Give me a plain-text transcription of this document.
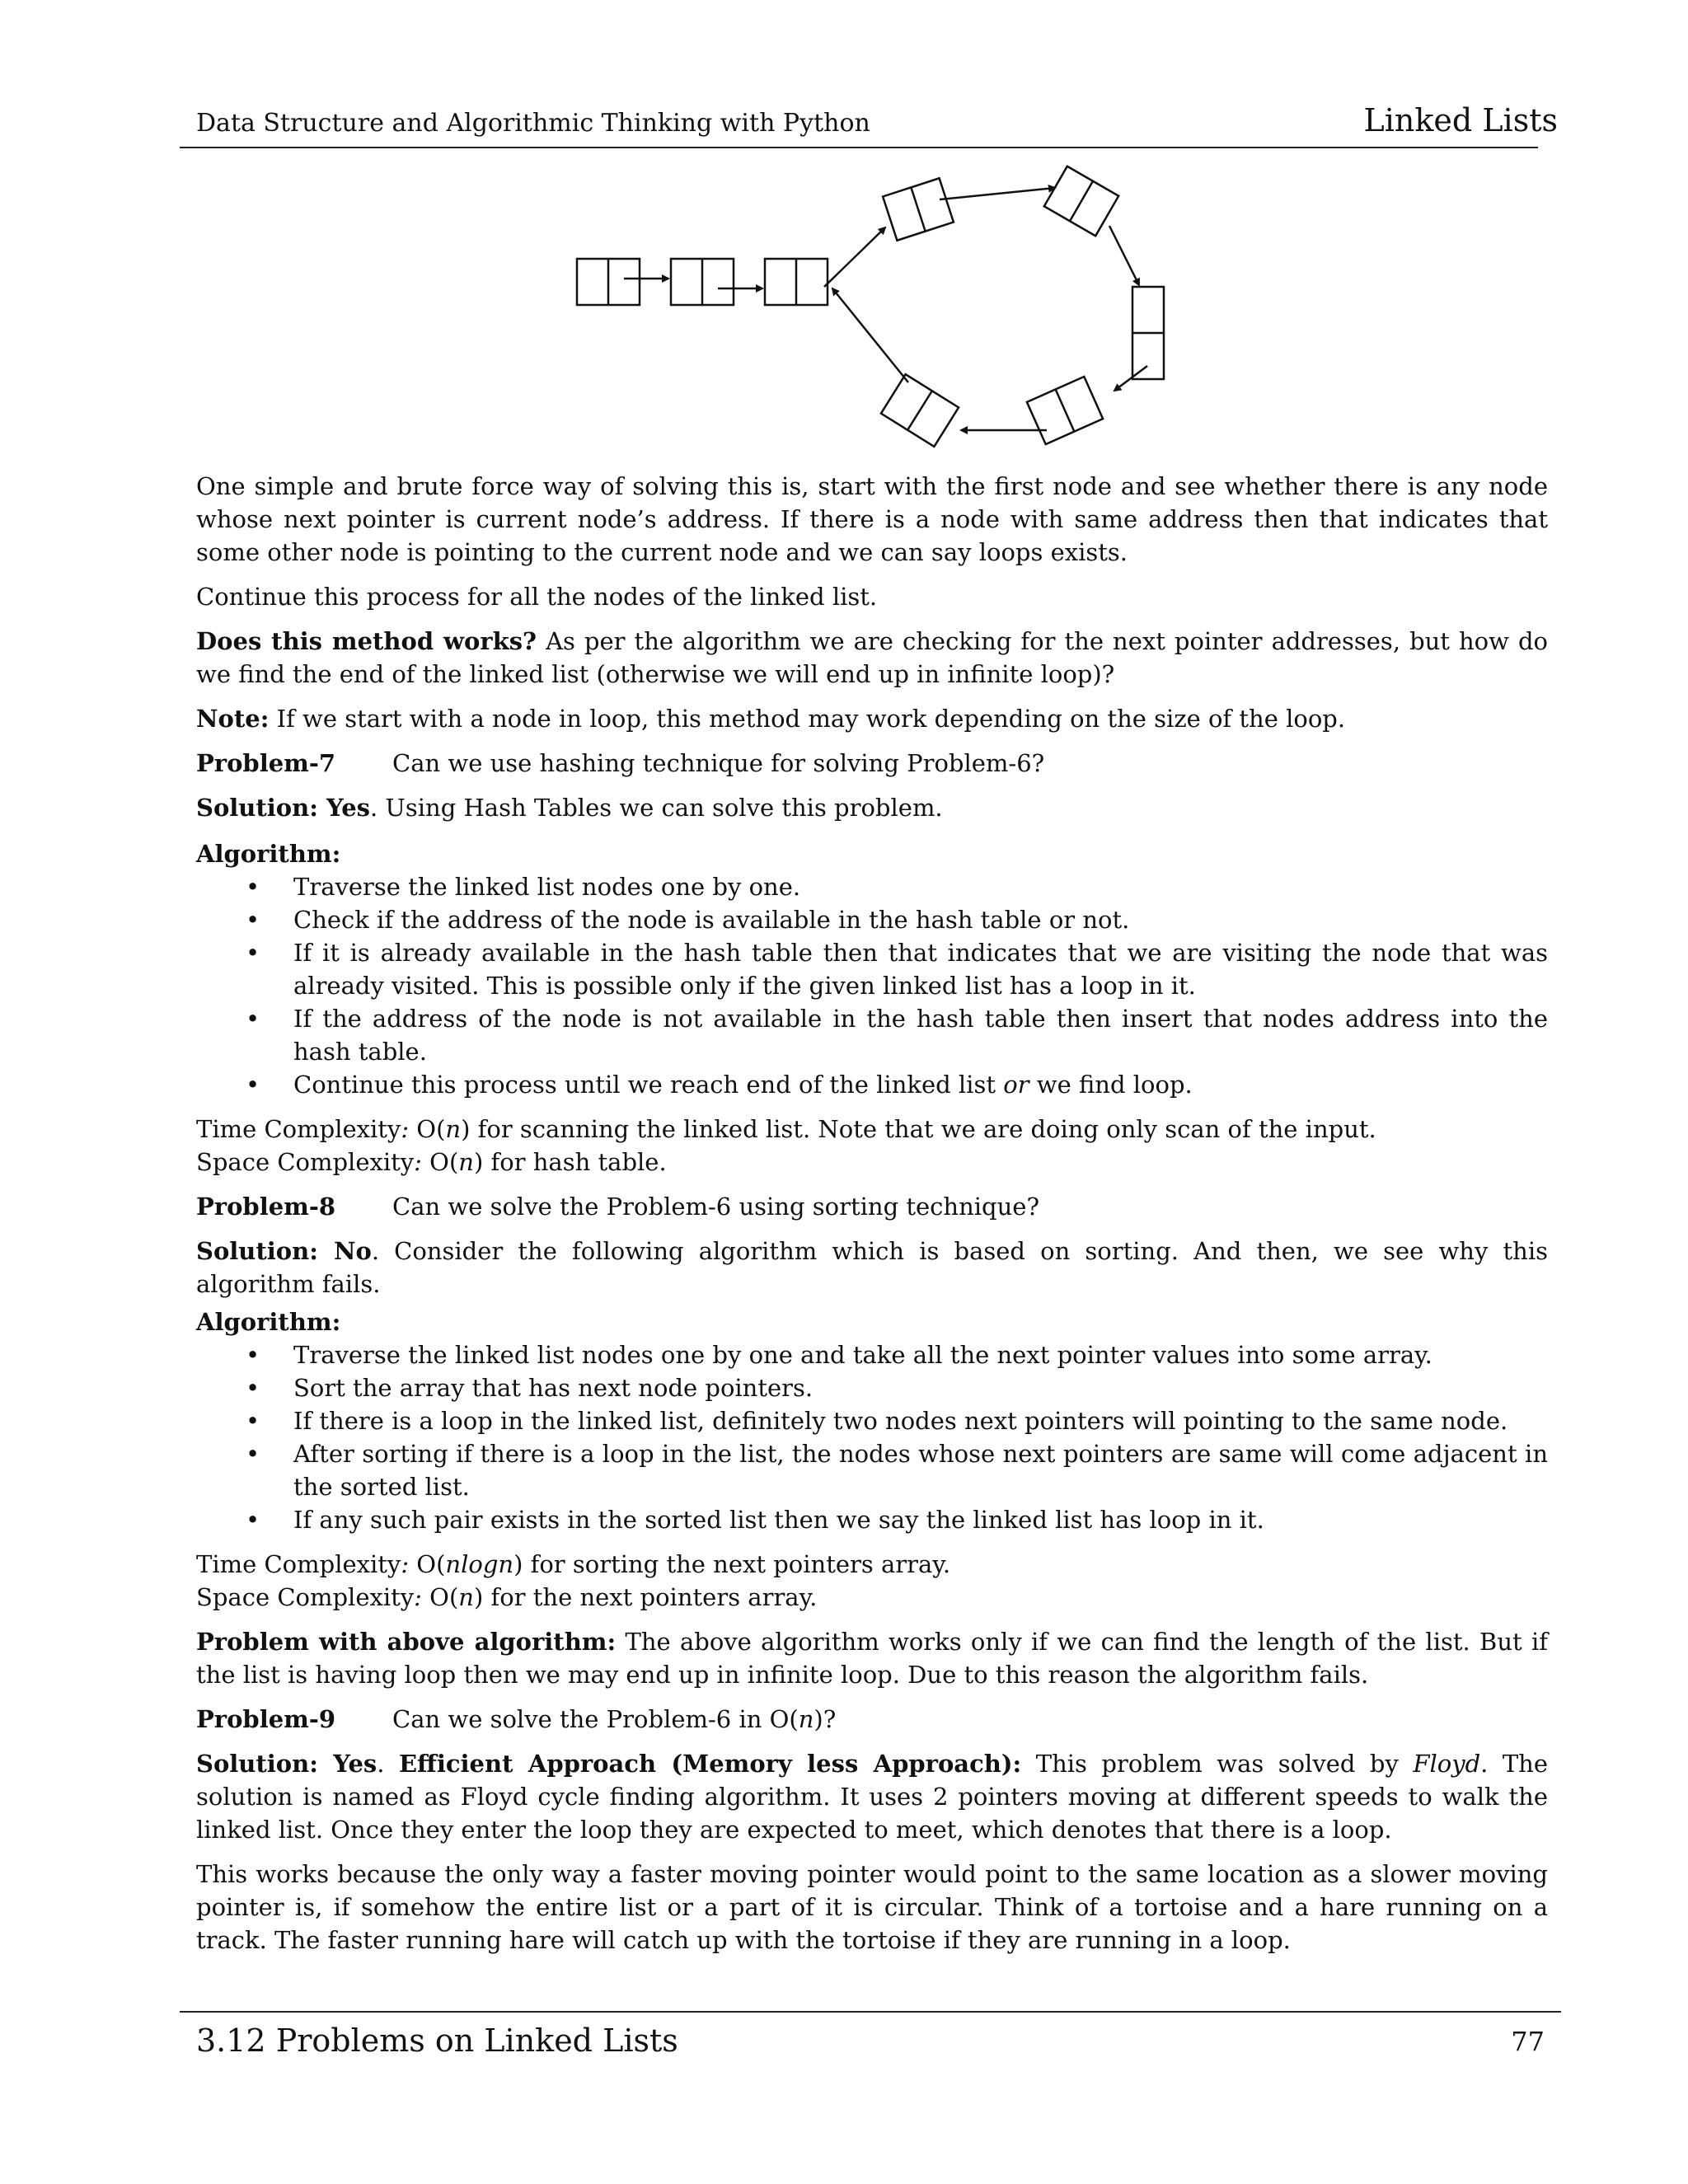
Data Structure and Algorithmic Thinking with Python	Linked Lists

One simple and brute force way of solving this is, start with the first node and see whether there is any node whose next pointer is current node’s address. If there is a node with same address then that indicates that some other node is pointing to the current node and we can say loops exists.

Continue this process for all the nodes of the linked list.

Does this method works? As per the algorithm we are checking for the next pointer addresses, but how do we find the end of the linked list (otherwise we will end up in infinite loop)?

Note: If we start with a node in loop, this method may work depending on the size of the loop.

Problem-7 Can we use hashing technique for solving Problem-6?

Solution: Yes. Using Hash Tables we can solve this problem.

Algorithm:
• Traverse the linked list nodes one by one.
• Check if the address of the node is available in the hash table or not.
• If it is already available in the hash table then that indicates that we are visiting the node that was already visited. This is possible only if the given linked list has a loop in it.
• If the address of the node is not available in the hash table then insert that nodes address into the hash table.
• Continue this process until we reach end of the linked list or we find loop.
Time Complexity: O(n) for scanning the linked list. Note that we are doing only scan of the input.
Space Complexity: O(n) for hash table.
Problem-8 Can we solve the Problem-6 using sorting technique?

Solution: No. Consider the following algorithm which is based on sorting. And then, we see why this algorithm fails.

Algorithm:
• Traverse the linked list nodes one by one and take all the next pointer values into some array.
• Sort the array that has next node pointers.
• If there is a loop in the linked list, definitely two nodes next pointers will pointing to the same node.
• After sorting if there is a loop in the list, the nodes whose next pointers are same will come adjacent in the sorted list.
• If any such pair exists in the sorted list then we say the linked list has loop in it.
Time Complexity: O(nlogn) for sorting the next pointers array.
Space Complexity: O(n) for the next pointers array.

Problem with above algorithm: The above algorithm works only if we can find the length of the list. But if the list is having loop then we may end up in infinite loop. Due to this reason the algorithm fails.

Problem-9 Can we solve the Problem-6 in O(n)?

Solution: Yes. Efficient Approach (Memory less Approach): This problem was solved by Floyd. The solution is named as Floyd cycle finding algorithm. It uses 2 pointers moving at different speeds to walk the linked list. Once they enter the loop they are expected to meet, which denotes that there is a loop.

This works because the only way a faster moving pointer would point to the same location as a slower moving pointer is, if somehow the entire list or a part of it is circular. Think of a tortoise and a hare running on a track. The faster running hare will catch up with the tortoise if they are running in a loop.

3.12 Problems on Linked Lists	77
